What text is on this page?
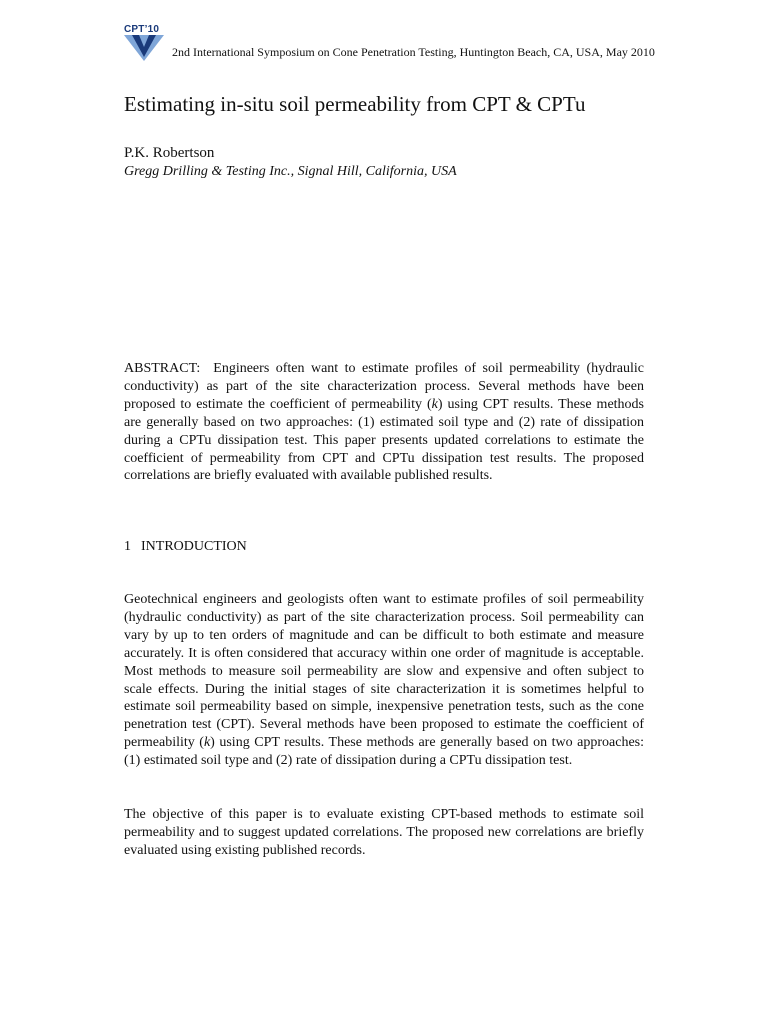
CPT’10
2nd International Symposium on Cone Penetration Testing, Huntington Beach, CA, USA, May 2010
Estimating in-situ soil permeability from CPT & CPTu
P.K. Robertson
Gregg Drilling & Testing Inc., Signal Hill, California, USA

ABSTRACT: Engineers often want to estimate profiles of soil permeability (hydraulic conductivity) as part of the site characterization process. Several methods have been proposed to estimate the coefficient of permeability (k) using CPT results. These methods are generally based on two approaches: (1) estimated soil type and (2) rate of dissipation during a CPTu dissipation test. This paper presents updated correlations to estimate the coefficient of permeability from CPT and CPTu dissipation test results. The proposed correlations are briefly evaluated with available published results.

1 INTRODUCTION

Geotechnical engineers and geologists often want to estimate profiles of soil permeability (hydraulic conductivity) as part of the site characterization process. Soil permeability can vary by up to ten orders of magnitude and can be difficult to both estimate and measure accurately. It is often considered that accuracy within one order of magnitude is acceptable. Most methods to measure soil permeability are slow and expensive and often subject to scale effects. During the initial stages of site characterization it is sometimes helpful to estimate soil permeability based on simple, inexpensive penetration tests, such as the cone penetration test (CPT). Several methods have been proposed to estimate the coefficient of permeability (k) using CPT results. These methods are generally based on two approaches: (1) estimated soil type and (2) rate of dissipation during a CPTu dissipation test.

The objective of this paper is to evaluate existing CPT-based methods to estimate soil permeability and to suggest updated correlations. The proposed new correlations are briefly evaluated using existing published records.
